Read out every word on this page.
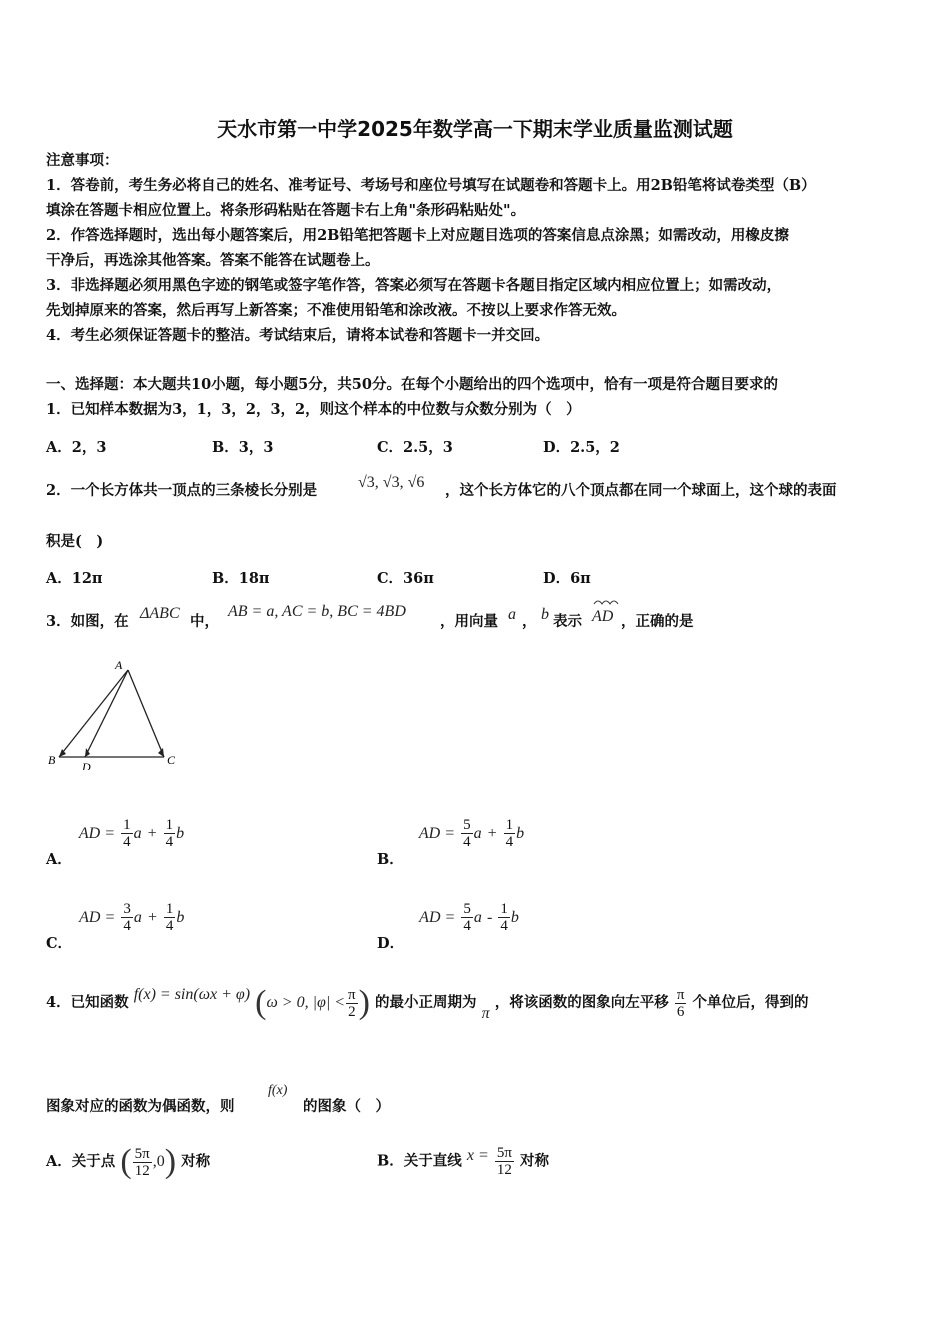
天水市第一中学2025年数学高一下期末学业质量监测试题
注意事项：
1．答卷前，考生务必将自己的姓名、准考证号、考场号和座位号填写在试题卷和答题卡上。用2B铅笔将试卷类型（B）
填涂在答题卡相应位置上。将条形码粘贴在答题卡右上角"条形码粘贴处"。
2．作答选择题时，选出每小题答案后，用2B铅笔把答题卡上对应题目选项的答案信息点涂黑；如需改动，用橡皮擦
干净后，再选涂其他答案。答案不能答在试题卷上。
3．非选择题必须用黑色字迹的钢笔或签字笔作答，答案必须写在答题卡各题目指定区域内相应位置上；如需改动，
先划掉原来的答案，然后再写上新答案；不准使用铅笔和涂改液。不按以上要求作答无效。
4．考生必须保证答题卡的整洁。考试结束后，请将本试卷和答题卡一并交回。
一、选择题：本大题共10小题，每小题5分，共50分。在每个小题给出的四个选项中，恰有一项是符合题目要求的
1．已知样本数据为3，1，3，2，3，2，则这个样本的中位数与众数分别为（　）
A．2，3	B．3，3	C．2.5，3	D．2.5，2
2．一个长方体共一顶点的三条棱长分别是	√3, √3, √6 ，这个长方体它的八个顶点都在同一个球面上，这个球的表面
积是(　)
A．12π	B．18π	C．36π	D．6π
3．如图，在 ΔABC 中，
AB = a, AC = b, BC = 4BD
，用向量 a ， b 表示 AD ，正确的是
A
B D	C
A． AD = $\frac{1}{4}$ $a + \frac{1}{4}$ b
B． AD = $\frac{5}{4}$ $a + \frac{1}{4}$ b
C． AD = $\frac{3}{4}$ $a + \frac{1}{4}$ b
D． AD = $\frac{5}{4}$ a - $\frac{1}{4}$ b
4．已知函数 f(x) = sin(ωx + φ) (ω > 0, $|\varphi| < \frac{\pi}{2}$ ) 的最小正周期为 π ，将该函数的图象向左平移 $\frac{\pi}{6}$ 个单位后，得到的
图象对应的函数为偶函数，则
f(x)
的图象（　）
A．关于点 ( $\frac{5\pi}{12} ,0$) 对称	B．关于直线 $x = \frac{5\pi}{12}$ 对称
